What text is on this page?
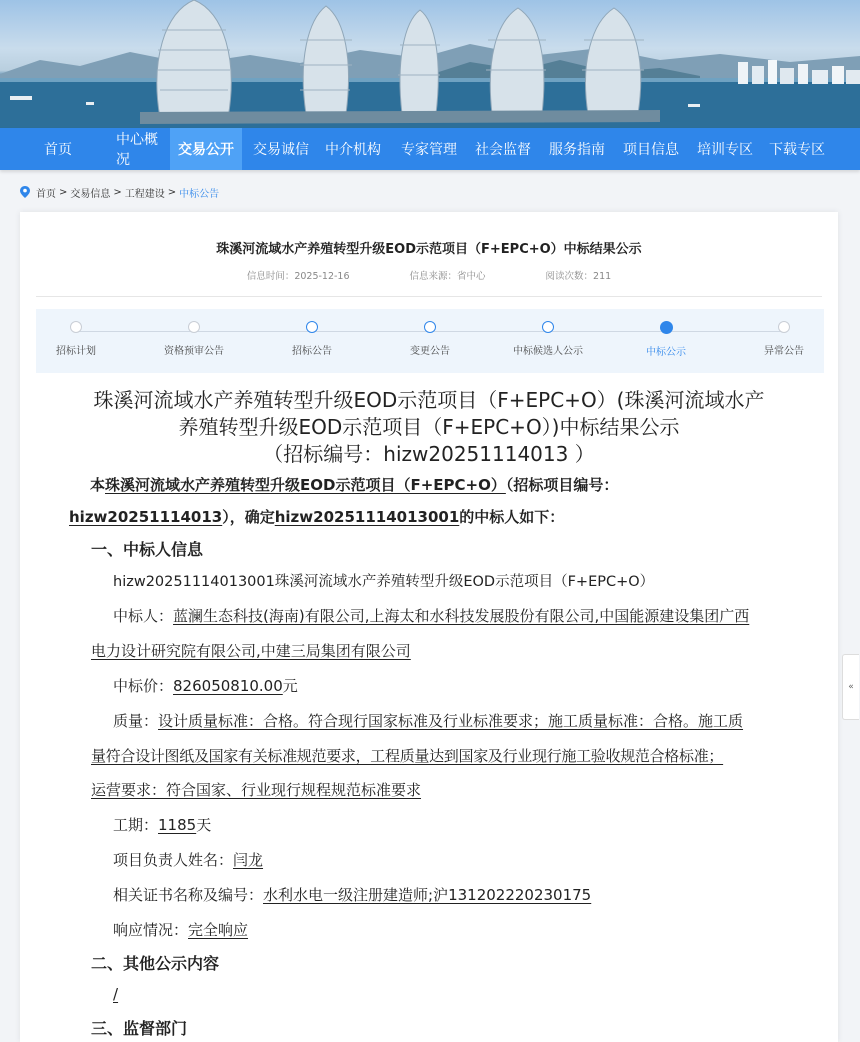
首页
中心概况
交易公开	交易诚信	中介机构	专家管理	社会监督	服务指南	项目信息	培训专区	下载专区
首页 > 交易信息 > 工程建设 > 中标公告
珠溪河流域水产养殖转型升级EOD示范项目（F+EPC+O）中标结果公示
信息时间：2025-12-16	信息来源：省中心	阅读次数：211
招标计划	资格预审公告	招标公告	变更公告	中标候选人公示	中标公示	异常公告
珠溪河流域水产养殖转型升级EOD示范项目（F+EPC+O）(珠溪河流域水产
养殖转型升级EOD示范项目（F+EPC+O）)中标结果公示
（招标编号：hizw20251114013 ）
本珠溪河流域水产养殖转型升级EOD示范项目（F+EPC+O）（招标项目编号：
hizw20251114013），确定hizw20251114013001的中标人如下：
一、中标人信息
hizw20251114013001珠溪河流域水产养殖转型升级EOD示范项目（F+EPC+O）
中标人：蓝澜生态科技(海南)有限公司,上海太和水科技发展股份有限公司,中国能源建设集团广西
电力设计研究院有限公司,中建三局集团有限公司
中标价：826050810.00元
质量：设计质量标准：合格。符合现行国家标准及行业标准要求；施工质量标准：合格。施工质
量符合设计图纸及国家有关标准规范要求，工程质量达到国家及行业现行施工验收规范合格标准；
运营要求：符合国家、行业现行规程规范标准要求
工期：1185天
项目负责人姓名：闫龙
相关证书名称及编号：水利水电一级注册建造师;沪131202220230175
响应情况：完全响应
二、其他公示内容
/
三、监督部门
«
